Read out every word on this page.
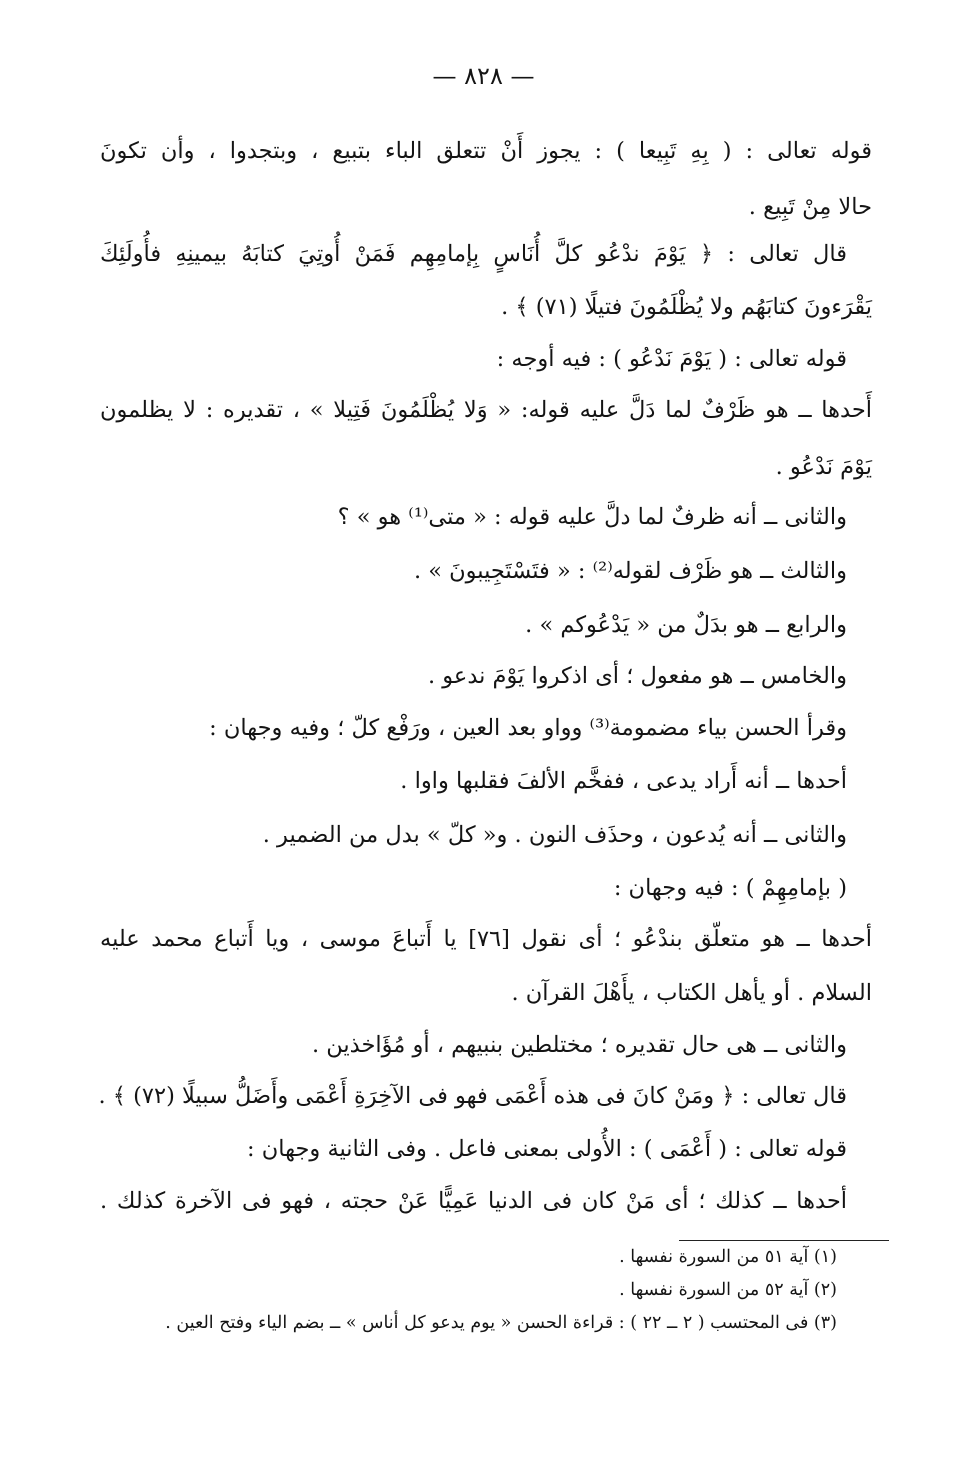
— ٨٢٨ —
قوله تعالى : ( بِهِ تَبِيعا ) : يجوز أَنْ تتعلق الباء بتبيع ، وبتجدوا ، وأن تكونَ
حالا مِنْ تَبِيع .
قال تعالى : ﴿ يَوْمَ ندْعُو كلَّ أُنَاسٍ بِإمامِهِم فَمَنْ أُوتِيَ كتابَهُ بيمينِهِ فأُولَئِكَ
يَقْرَءونَ كتابَهُم ولا يُظْلَمُونَ فتيلًا (٧١) ﴾ .
قوله تعالى : ( يَوْمَ نَدْعُو ) : فيه أوجه :
أَحدها ــ هو ظَرْفٌ لما دَلَّ عليه قوله: « وَلا يُظْلَمُونَ فَتِيلا » ، تقديره : لا يظلمون
يَوْمَ نَدْعُو .
والثانى ــ أنه ظرفٌ لما دلَّ عليه قوله : « متى⁽¹⁾ هو » ؟
والثالث ــ هو ظَرْف لقوله⁽²⁾ : « فتَسْتَجِيبونَ » .
والرابع ــ هو بدَلٌ من « يَدْعُوكم » .
والخامس ــ هو مفعول ؛ أى اذكروا يَوْمَ ندعو .
وقرأ الحسن بياء مضمومة⁽³⁾ وواو بعد العين ، ورَفْع كلّ ؛ وفيه وجهان :
أحدها ــ أنه أَراد يدعى ، ففخَّم الألفَ فقلبها واوا .
والثانى ــ أنه يُدعون ، وحذَف النون . و« كلّ » بدل من الضمير .
( بإمامِهِمْ ) : فيه وجهان :
أحدها ــ هو متعلّق بندْعُو ؛ أى نقول [٧٦] يا أَتباعَ موسى ، ويا أَتباع محمد عليه
السلام . أو يأهل الكتاب ، يأَهْلَ القرآن .
والثانى ــ هى حال تقديره ؛ مختلطين بنبيهم ، أو مُؤَاخذين .
قال تعالى : ﴿ ومَنْ كانَ فى هذه أَعْمَى فهو فى الآخِرَةِ أَعْمَى وأَضَلُّ سبيلًا (٧٢) ﴾ .
قوله تعالى : ( أَعْمَى ) : الأُولى بمعنى فاعل . وفى الثانية وجهان :
أحدها ــ كذلك ؛ أى مَنْ كان فى الدنيا عَمِيًّا عَنْ حجته ، فهو فى الآخرة كذلك .
(١) آية ٥١ من السورة نفسها .
(٢) آية ٥٢ من السورة نفسها .
(٣) فى المحتسب ( ٢ ــ ٢٢ ) : قراءة الحسن « يوم يدعو كل أناس » ــ بضم الياء وفتح العين .
